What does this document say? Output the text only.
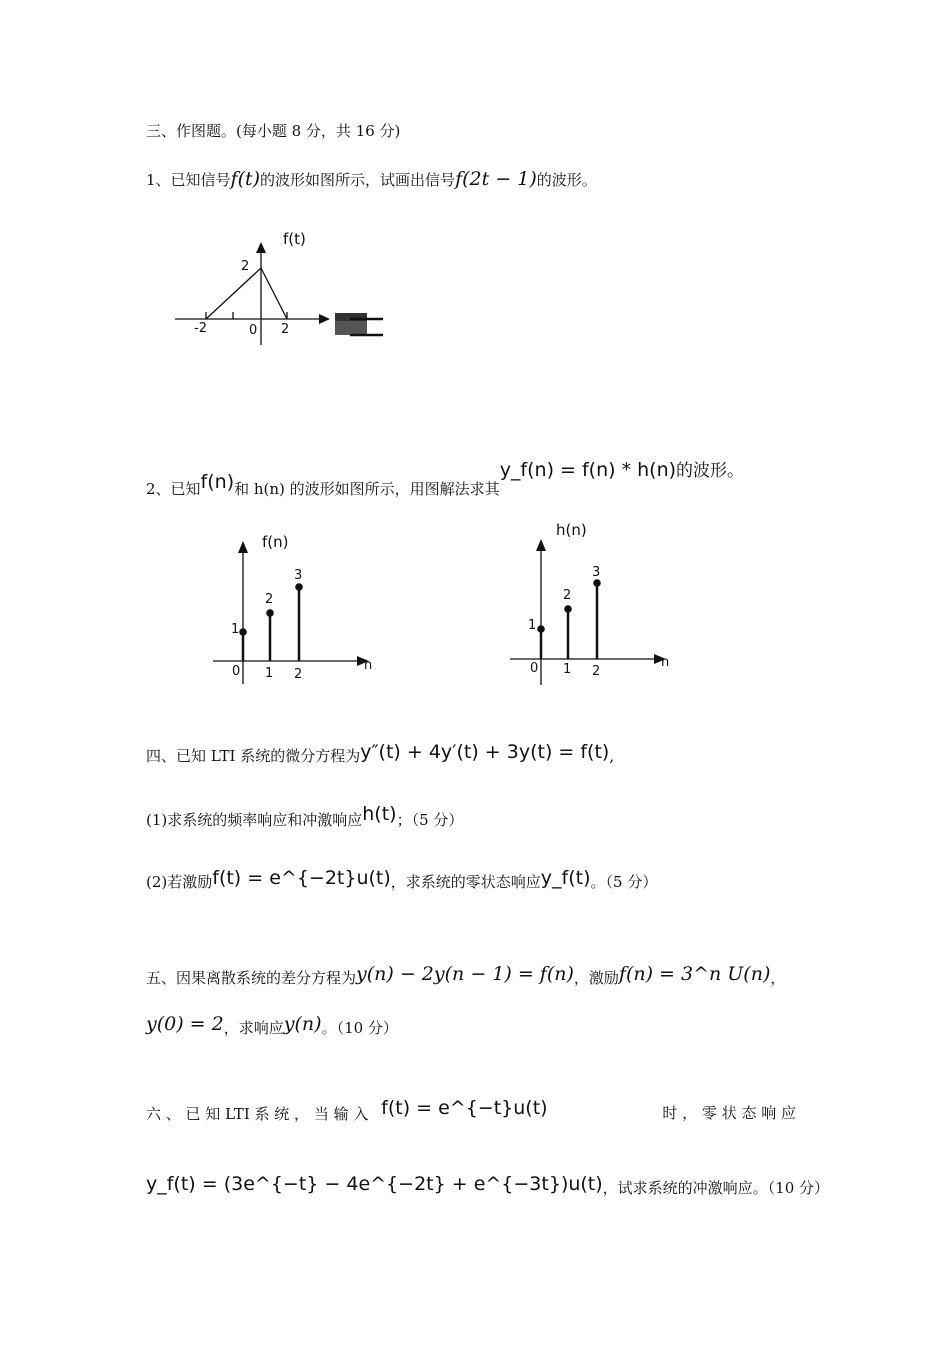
三、作图题。(每小题 8 分，共 16 分)
1、已知信号f(t)的波形如图所示，试画出信号f(2t − 1)的波形。
f(t)
2
-2	0 2
2、已知f(n)和 h(n) 的波形如图所示，用图解法求其y_f(n) = f(n) * h(n)的波形。
f(n)
n
1
2
3
0 1 2
h(n)
n
1
2
3
0 1 2
四、已知 LTI 系统的微分方程为y″(t) + 4y′(t) + 3y(t) = f(t),
(1)求系统的频率响应和冲激响应h(t)；（5 分）
(2)若激励f(t) = e^{−2t}u(t)，求系统的零状态响应y_f(t)。（5 分）
五、因果离散系统的差分方程为y(n) − 2y(n − 1) = f(n)，激励f(n) = 3^n U(n)，
y(0) = 2，求响应y(n)。（10 分）
六 、 已 知 LTI 系 统 ， 当 输 入 f(t) = e^{−t}u(t)	时 ， 零 状 态 响 应
y_f(t) = (3e^{−t} − 4e^{−2t} + e^{−3t})u(t)，试求系统的冲激响应。（10 分）
